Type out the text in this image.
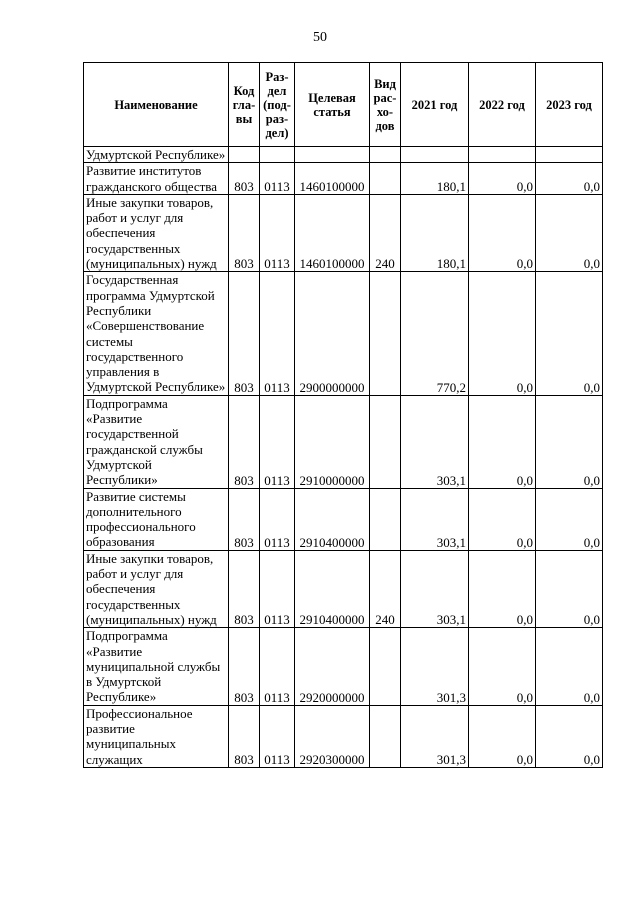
50
Наименование	Код гла- вы	Раз- дел (под- раз- дел)	Целевая статья	Вид рас- хо- дов	2021 год	2022 год	2023 год
Удмуртской Республике»							
Развитие институтов гражданского общества	803	0113	1460100000		180,1	0,0	0,0
Иные закупки товаров, работ и услуг для обеспечения государственных (муниципальных) нужд	803	0113	1460100000	240	180,1	0,0	0,0
Государственная программа Удмуртской Республики «Совершенствование системы государственного управления в Удмуртской Республике»	803	0113	2900000000		770,2	0,0	0,0
Подпрограмма «Развитие государственной гражданской службы Удмуртской Республики»	803	0113	2910000000		303,1	0,0	0,0
Развитие системы дополнительного профессионального образования	803	0113	2910400000		303,1	0,0	0,0
Иные закупки товаров, работ и услуг для обеспечения государственных (муниципальных) нужд	803	0113	2910400000	240	303,1	0,0	0,0
Подпрограмма «Развитие муниципальной службы в Удмуртской Республике»	803	0113	2920000000		301,3	0,0	0,0
Профессиональное развитие муниципальных служащих	803	0113	2920300000		301,3	0,0	0,0
